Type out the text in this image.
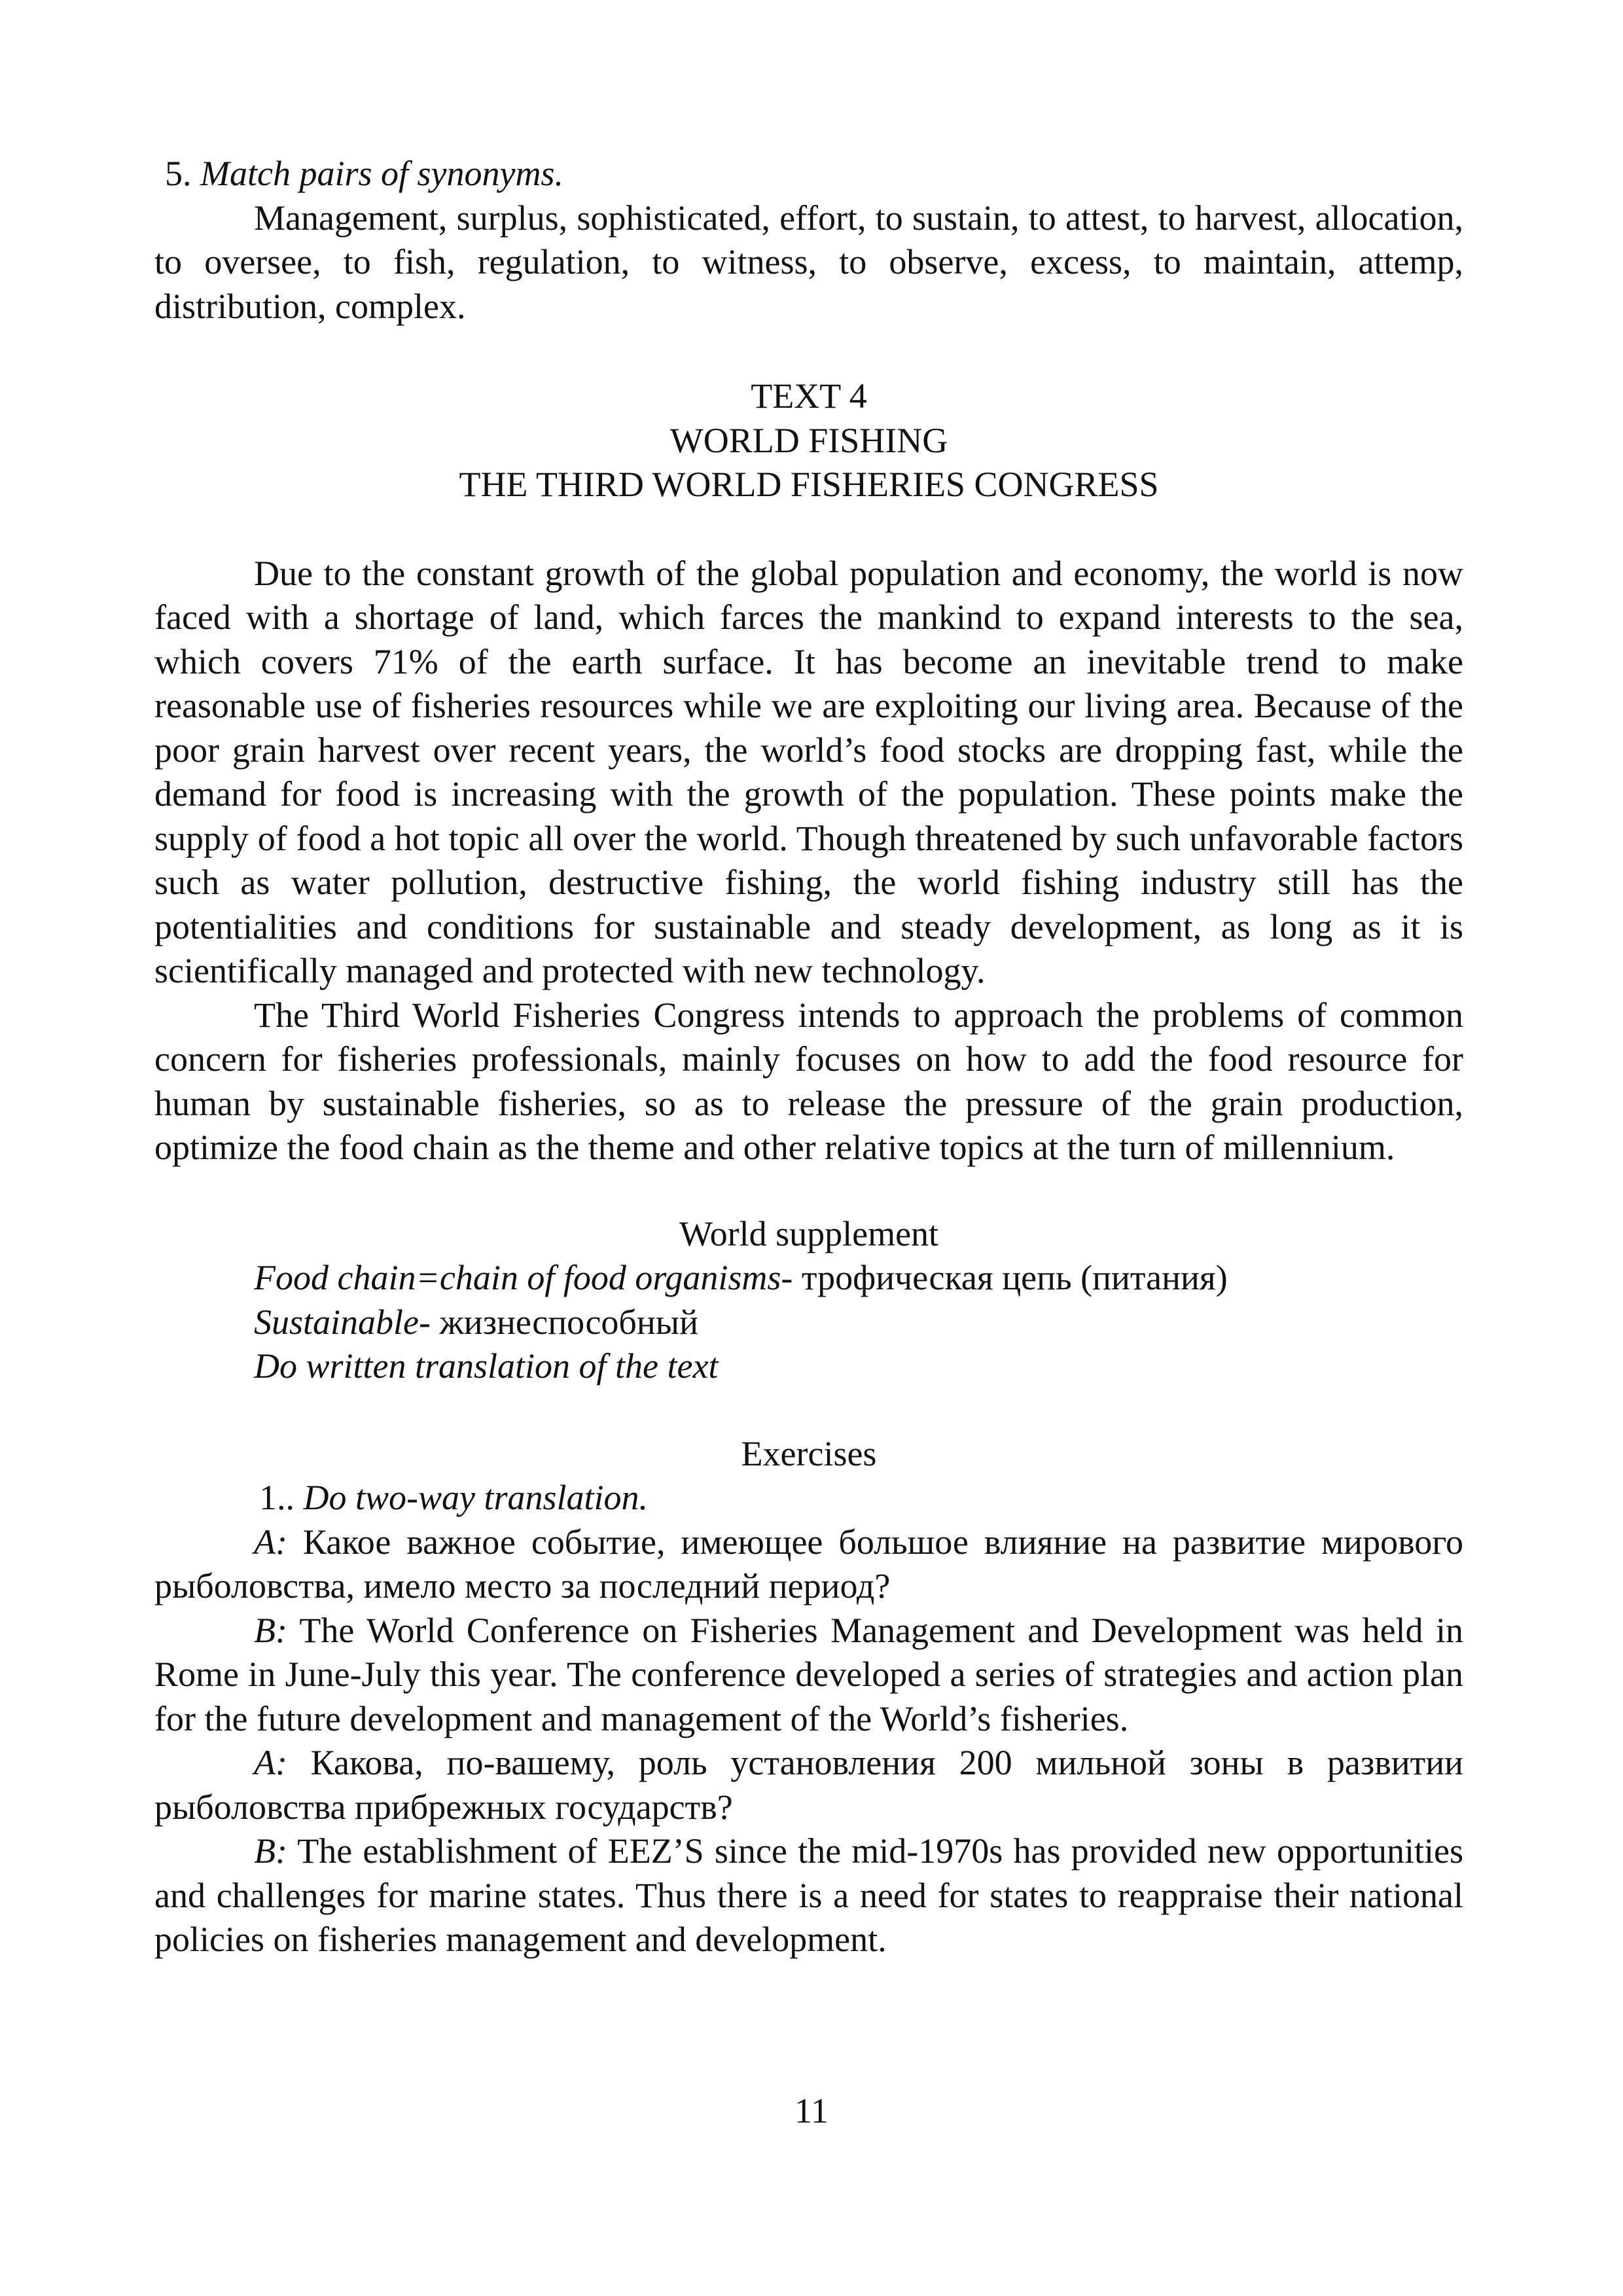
5. Match pairs of synonyms.

Management, surplus, sophisticated, effort, to sustain, to attest, to harvest, allocation, to oversee, to fish, regulation, to witness, to observe, excess, to maintain, attemp, distribution, complex.

TEXT 4

WORLD FISHING

THE THIRD WORLD FISHERIES CONGRESS

Due to the constant growth of the global population and economy, the world is now faced with a shortage of land, which farces the mankind to expand interests to the sea, which covers 71% of the earth surface. It has become an inevitable trend to make reasonable use of fisheries resources while we are exploiting our living area. Because of the poor grain harvest over recent years, the world’s food stocks are dropping fast, while the demand for food is increasing with the growth of the population. These points make the supply of food a hot topic all over the world. Though threatened by such unfavorable factors such as water pollution, destructive fishing, the world fishing industry still has the potentialities and conditions for sustainable and steady development, as long as it is scientifically managed and protected with new technology.

The Third World Fisheries Congress intends to approach the problems of common concern for fisheries professionals, mainly focuses on how to add the food resource for human by sustainable fisheries, so as to release the pressure of the grain production, optimize the food chain as the theme and other relative topics at the turn of millennium.

World supplement

Food chain=chain of food organisms- трофическая цепь (питания)

Sustainable- жизнеспособный

Do written translation of the text

Exercises

1.. Do two-way translation.

A: Какое важное событие, имеющее большое влияние на развитие мирового рыболовства, имело место за последний период?

B: The World Conference on Fisheries Management and Development was held in Rome in June-July this year. The conference developed a series of strategies and action plan for the future development and management of the World’s fisheries.

A: Какова, по-вашему, роль установления 200 мильной зоны в развитии рыболовства прибрежных государств?

B: The establishment of EEZ’S since the mid-1970s has provided new opportunities and challenges for marine states. Thus there is a need for states to reappraise their national policies on fisheries management and development.

11
